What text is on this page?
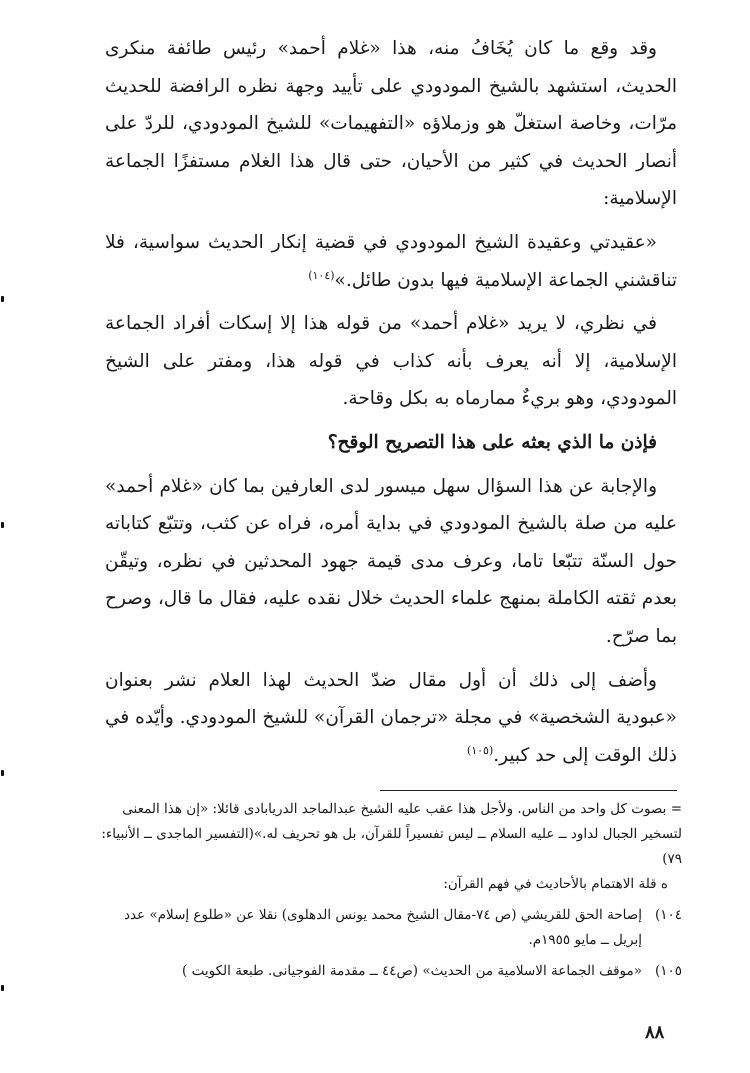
وقد وقع ما كان يُخَافُ منه، هذا «غلام أحمد» رئيس طائفة منكرى الحديث، استشهد بالشيخ المودودي على تأييد وجهة نظره الرافضة للحديث مرّات، وخاصة استغلّ هو وزملاؤه «التفهيمات» للشيخ المودودي، للردّ على أنصار الحديث في كثير من الأحيان، حتى قال هذا الغلام مستفزًا الجماعة الإسلامية:

«عقيدتي وعقيدة الشيخ المودودي في قضية إنكار الحديث سواسية، فلا تناقشني الجماعة الإسلامية فيها بدون طائل.»$^{(١٠٤)}$

في نظري، لا يريد «غلام أحمد» من قوله هذا إلا إسكات أفراد الجماعة الإسلامية، إلا أنه يعرف بأنه كذاب في قوله هذا، ومفتر على الشيخ المودودي، وهو بريءٌ ممارماه به بكل وقاحة.

فإذن ما الذي بعثه على هذا التصريح الوقح؟

والإجابة عن هذا السؤال سهل ميسور لدى العارفين بما كان «غلام أحمد» عليه من صلة بالشيخ المودودي في بداية أمره، فراه عن كثب، وتتبّع كتاباته حول السنّة تتبّعا تاما، وعرف مدى قيمة جهود المحدثين في نظره، وتيقّن بعدم ثقته الكاملة بمنهج علماء الحديث خلال نقده عليه، فقال ما قال، وصرح بما صرّح.

وأضف إلى ذلك أن أول مقال ضدّ الحديث لهذا العلام نشر بعنوان «عبودية الشخصية» في مجلة «ترجمان القرآن» للشيخ المودودي. وأيّده في ذلك الوقت إلى حد كبير.$^{(١٠٥)}$

= بصوت كل واحد من الناس. ولأجل هذا عقب عليه الشيخ عبدالماجد الدريابادى قائلا: «إن هذا المعنى لتسخير الجبال لداود ــ عليه السلام ــ ليس تفسيراً للقرآن، بل هو تحريف له.»(التفسير الماجدى ــ الأنبياء: ٧٩)

ه قلة الاهتمام بالأحاديث في فهم القرآن:

١٠٤)
إصاحة الحق للقريشي (ص ٧٤-مقال الشيخ محمد يونس الدهلوى) نقلا عن «طلوع إسلام» عدد إبريل ــ مايو ١٩٥٥م.
١٠٥)
«موقف الجماعة الاسلامية من الحديث» (ص٤٤ ــ مقدمة الفوجيانى. طبعة الكويت )
٨٨
